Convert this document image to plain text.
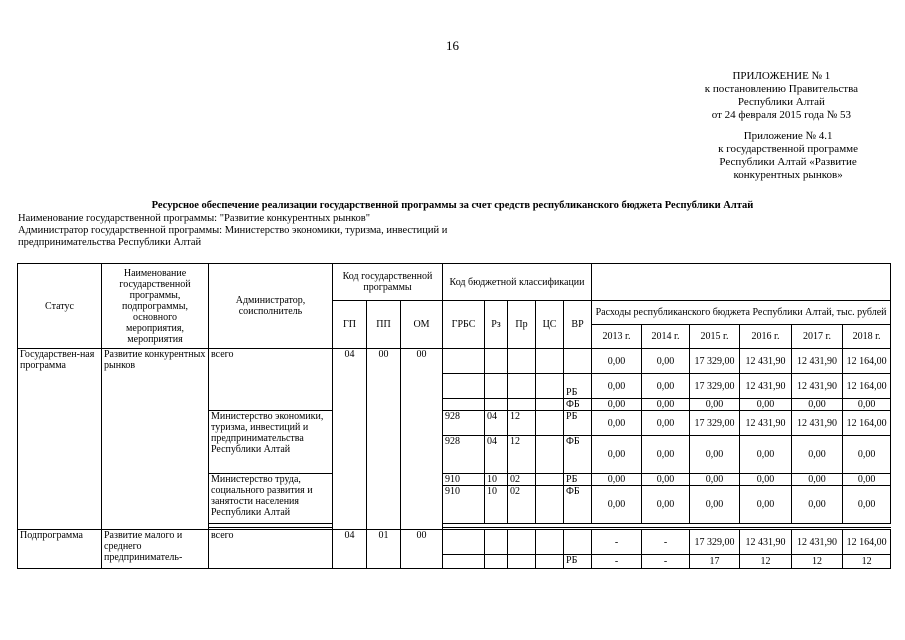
16
ПРИЛОЖЕНИЕ № 1
к постановлению Правительства
Республики Алтай
от 24 февраля 2015 года № 53
Приложение № 4.1
к государственной программе
Республики Алтай «Развитие
конкурентных рынков»
Ресурсное обеспечение реализации государственной программы за счет средств республиканского бюджета Республики Алтай
Наименование государственной программы: "Развитие конкурентных рынков"
Администратор государственной программы: Министерство экономики, туризма, инвестиций и
предпринимательства Республики Алтай
Статус	Наименование государственной программы, подпрограммы, основного мероприятия, мероприятия	Администратор, соисполнитель	Код государственной программы			Код бюджетной классификации										
			ГП	ПП	ОМ	ГРБС	Рз	Пр	ЦС	ВР	Расходы республиканского бюджета Республики Алтай, тыс. рублей					
											2013 г.	2014 г.	2015 г.	2016 г.	2017 г.	2018 г.
Государствен-ная программа	Развитие конкурентных рынков	всего	04	00	00						0,00	0,00	17 329,00	12 431,90	12 431,90	12 164,00
										РБ	0,00	0,00	17 329,00	12 431,90	12 431,90	12 164,00
										ФБ	0,00	0,00	0,00	0,00	0,00	0,00
		Министерство экономики, туризма, инвестиций и предпринимательства Республики Алтай				928	04	12		РБ	0,00	0,00	17 329,00	12 431,90	12 431,90	12 164,00
						928	04	12		ФБ	0,00	0,00	0,00	0,00	0,00	0,00
		Министерство труда, социального развития и занятости населения Республики Алтай				910	10	02		РБ	0,00	0,00	0,00	0,00	0,00	0,00
						910	10	02		ФБ	0,00	0,00	0,00	0,00	0,00	0,00

Подпрограмма	Развитие малого и среднего предприниматель-	всего	04	01	00						-	-	17 329,00	12 431,90	12 431,90	12 164,00
										РБ	-	-	17	12	12	12
